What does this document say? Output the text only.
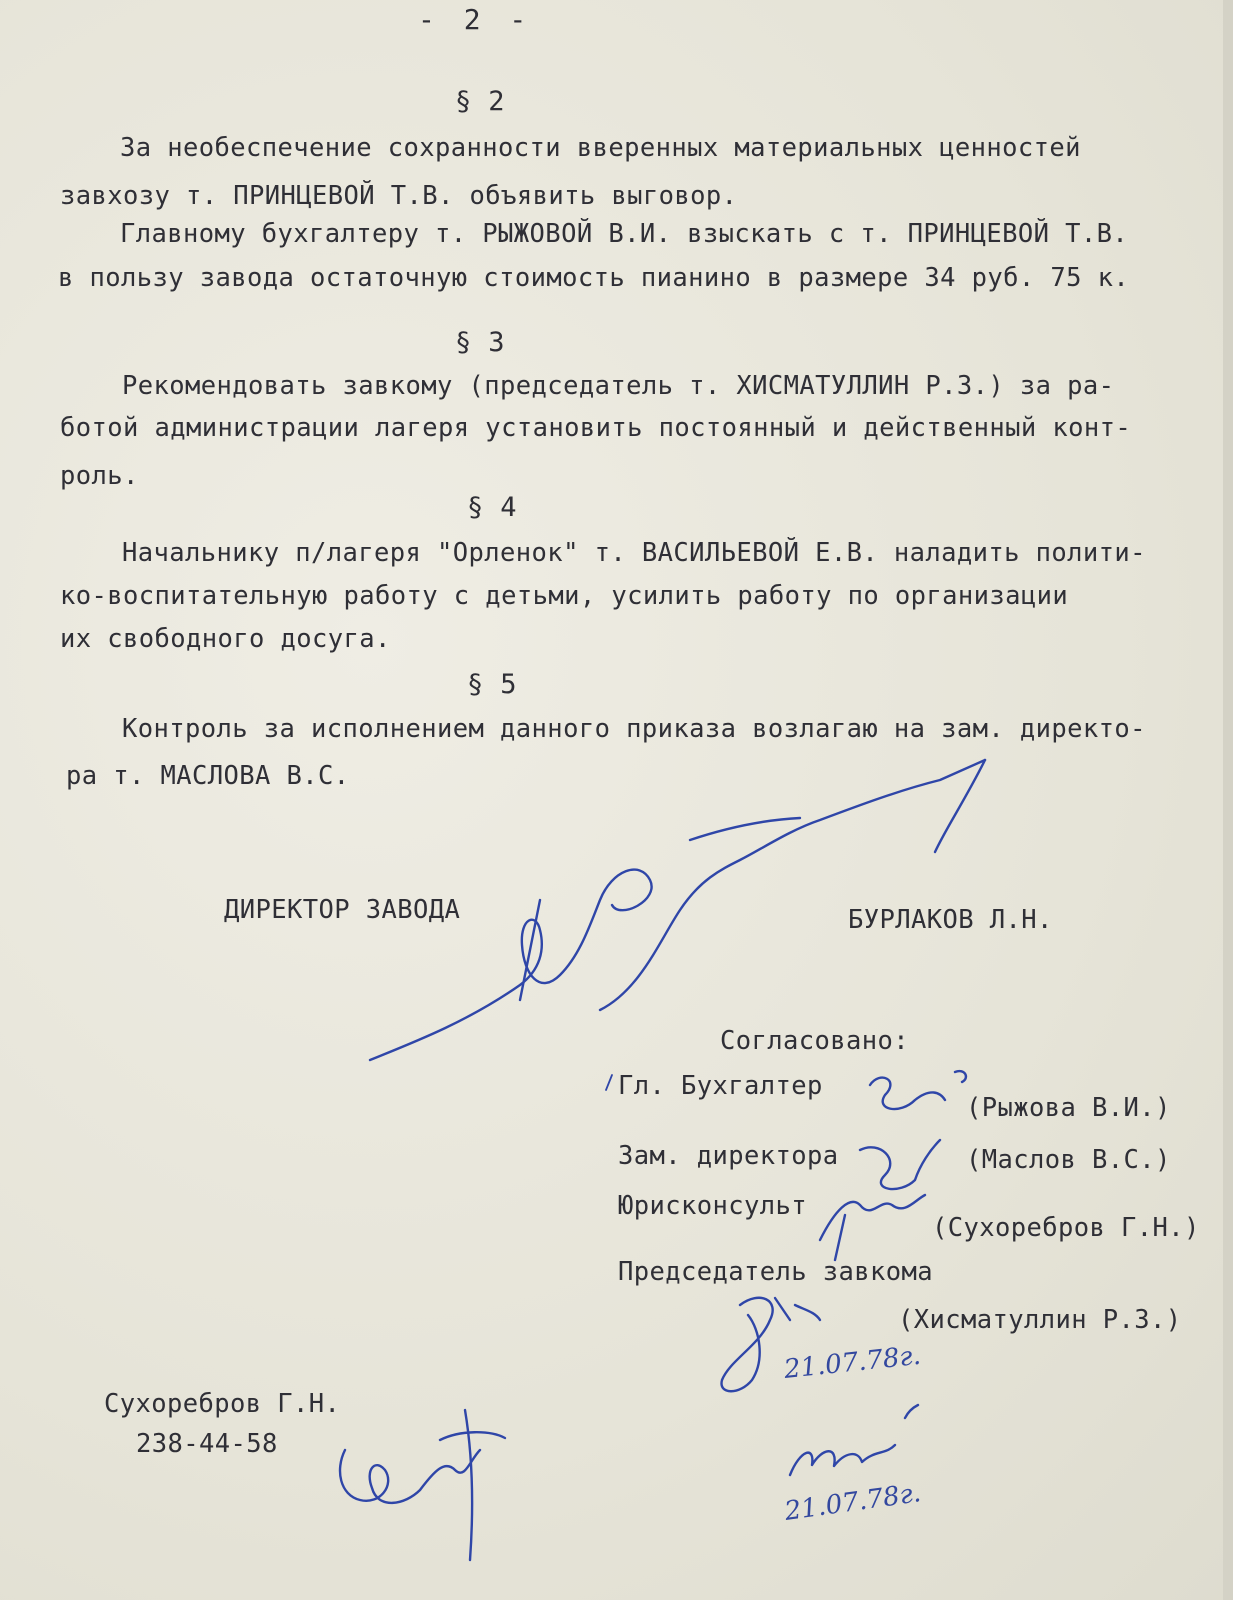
- 2 -
§ 2
За необеспечение сохранности вверенных материальных ценностей
завхозу т. ПРИНЦЕВОЙ Т.В. объявить выговор.
Главному бухгалтеру т. РЫЖОВОЙ В.И. взыскать с т. ПРИНЦЕВОЙ Т.В.
в пользу завода остаточную стоимость пианино в размере 34 руб. 75 к.
§ 3
Рекомендовать завкому (председатель т. ХИСМАТУЛЛИН Р.З.) за ра-
ботой администрации лагеря установить постоянный и действенный конт-
роль.
§ 4
Начальнику п/лагеря "Орленок" т. ВАСИЛЬЕВОЙ Е.В. наладить полити-
ко-воспитательную работу с детьми, усилить работу по организации
их свободного досуга.
§ 5
Контроль за исполнением данного приказа возлагаю на зам. директо-
ра т. МАСЛОВА В.С.
ДИРЕКТОР ЗАВОДА	БУРЛАКОВ Л.Н.
Согласовано:
Гл. Бухгалтер
(Рыжова В.И.)
Зам. директора	(Маслов В.С.)
Юрисконсульт
(Сухоребров Г.Н.)
Председатель завкома
(Хисматуллин Р.З.)
Сухоребров Г.Н.
238-44-58
21.07.78г.
21.07.78г.
